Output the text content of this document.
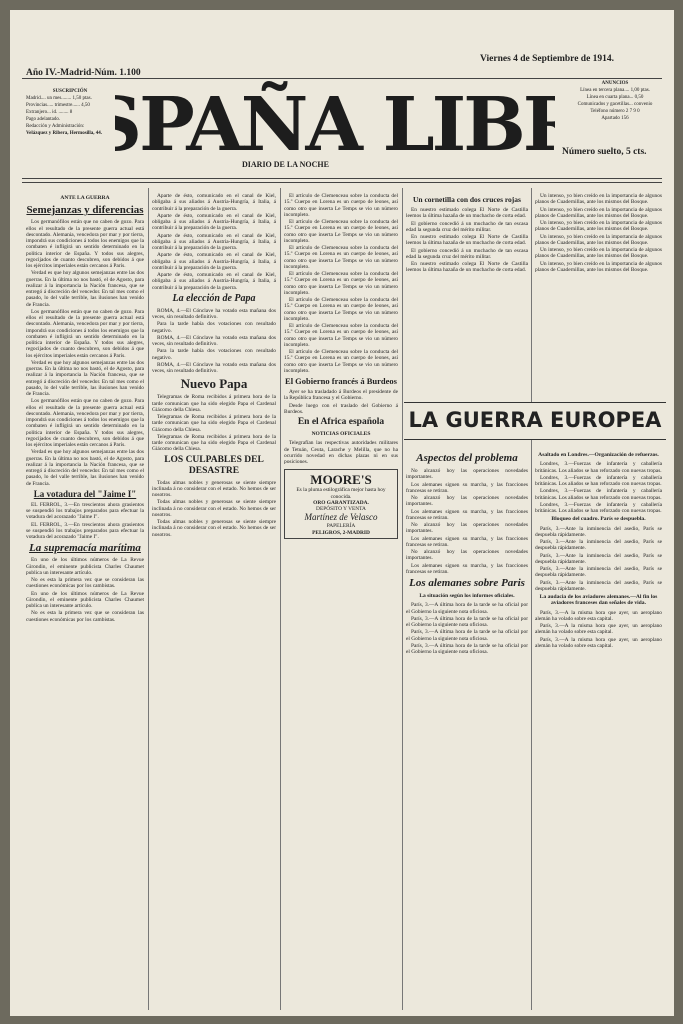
Año IV.-Madrid-Núm. 1.100
Viernes 4 de Septiembre de 1914.
SUSCRIPCIÓN
Madrid.... un mes........ 1,50 ptas.
Provincias..... trimestre...... 4,50
Extranjero... id. ........ 8
Pago adelantado.
Redacción y Administración:
Velázquez y Ribera, Hermosilla, 44. PAÑA LIBR
DIARIO DE LA NOCHE
ANUNCIOS
Línea en tercera plana.... 1,00 ptas.
Línea en cuarta plana... 0,50
Comunicados y gacetillas... convenio
Teléfono número 2 7 9 0
Apartado 156
Número suelto, 5 cts.
ANTE LA GUERRA
Semejanzas y diferencias

Los germanófilos están que no caben de gozo. Para ellos el resultado de la presente guerra actual está descontado. Alemania, vencedora por mar y por tierra, impondrá sus condiciones á todos los enemigos que la combaten é infligirá un sentido determinado en la política interior de España. Y todos sus alegres, regocijados de cuanto descubren, son debidos á que los ejércitos imperiales están cercanos á París.

Verdad es que hoy algunos semejanzas entre las dos guerras. En la última no nos bastó, el de Agosto, para realizar á la importancia la Nación francesa, que se entregó á discreción del vencedor. En tal mes como el pasado, lo del valle terrible, las ilusiones han venido de Francia.

Los germanófilos están que no caben de gozo. Para ellos el resultado de la presente guerra actual está descontado. Alemania, vencedora por mar y por tierra, impondrá sus condiciones á todos los enemigos que la combaten é infligirá un sentido determinado en la política interior de España. Y todos sus alegres, regocijados de cuanto descubren, son debidos á que los ejércitos imperiales están cercanos á París.

Verdad es que hoy algunos semejanzas entre las dos guerras. En la última no nos bastó, el de Agosto, para realizar á la importancia la Nación francesa, que se entregó á discreción del vencedor. En tal mes como el pasado, lo del valle terrible, las ilusiones han venido de Francia.

Los germanófilos están que no caben de gozo. Para ellos el resultado de la presente guerra actual está descontado. Alemania, vencedora por mar y por tierra, impondrá sus condiciones á todos los enemigos que la combaten é infligirá un sentido determinado en la política interior de España. Y todos sus alegres, regocijados de cuanto descubren, son debidos á que los ejércitos imperiales están cercanos á París.

Verdad es que hoy algunos semejanzas entre las dos guerras. En la última no nos bastó, el de Agosto, para realizar á la importancia la Nación francesa, que se entregó á discreción del vencedor. En tal mes como el pasado, lo del valle terrible, las ilusiones han venido de Francia.

La votadura del "Jaime I"

EL FERROL, 3.—En trescientos ahora grasientos se suspendió los trabajos preparados para efectuar la votadura del acorazado "Jaime I".

EL FERROL, 3.—En trescientos ahora grasientos se suspendió los trabajos preparados para efectuar la votadura del acorazado "Jaime I".

La supremacía marítima

En uno de los últimos números de La Revue Girondin, el eminente publicista Charles Chaumet publica un interesante artículo.

No es esta la primera vez que se consideran las cuestiones económicas por los cambistas.

En uno de los últimos números de La Revue Girondin, el eminente publicista Charles Chaumet publica un interesante artículo.

No es esta la primera vez que se consideran las cuestiones económicas por los cambistas.

Aparte de ésto, comunicado en el canal de Kiel, obligaba á sus aliados á Austria-Hungría, á Italia, á contribuir á la preparación de la guerra.

Aparte de ésto, comunicado en el canal de Kiel, obligaba á sus aliados á Austria-Hungría, á Italia, á contribuir á la preparación de la guerra.

Aparte de ésto, comunicado en el canal de Kiel, obligaba á sus aliados á Austria-Hungría, á Italia, á contribuir á la preparación de la guerra.

Aparte de ésto, comunicado en el canal de Kiel, obligaba á sus aliados á Austria-Hungría, á Italia, á contribuir á la preparación de la guerra.

Aparte de ésto, comunicado en el canal de Kiel, obligaba á sus aliados á Austria-Hungría, á Italia, á contribuir á la preparación de la guerra.

La elección de Papa

ROMA, 4.—El Cónclave ha votado esta mañana dos veces, sin resultado definitivo.

Para la tarde había dos votaciones con resultado negativo.

ROMA, 4.—El Cónclave ha votado esta mañana dos veces, sin resultado definitivo.

Para la tarde había dos votaciones con resultado negativo.

ROMA, 4.—El Cónclave ha votado esta mañana dos veces, sin resultado definitivo.

Nuevo Papa

Telegramas de Roma recibidos á primera hora de la tarde comunican que ha sido elegido Papa el Cardenal Giácomo della Chiesa.

Telegramas de Roma recibidos á primera hora de la tarde comunican que ha sido elegido Papa el Cardenal Giácomo della Chiesa.

Telegramas de Roma recibidos á primera hora de la tarde comunican que ha sido elegido Papa el Cardenal Giácomo della Chiesa.

LOS CULPABLES DEL DESASTRE

Todas almas nobles y generosas se siente siempre inclinada á no considerar con el estado. No hemos de ser nosotros.

Todas almas nobles y generosas se siente siempre inclinada á no considerar con el estado. No hemos de ser nosotros.

Todas almas nobles y generosas se siente siempre inclinada á no considerar con el estado. No hemos de ser nosotros.

El artículo de Clemenceau sobre la conducta del 15.º Cuerpo en Lorena es un cuerpo de leones, así como otro que inserta Le Temps se vio un número incompleto.

El artículo de Clemenceau sobre la conducta del 15.º Cuerpo en Lorena es un cuerpo de leones, así como otro que inserta Le Temps se vio un número incompleto.

El artículo de Clemenceau sobre la conducta del 15.º Cuerpo en Lorena es un cuerpo de leones, así como otro que inserta Le Temps se vio un número incompleto.

El artículo de Clemenceau sobre la conducta del 15.º Cuerpo en Lorena es un cuerpo de leones, así como otro que inserta Le Temps se vio un número incompleto.

El artículo de Clemenceau sobre la conducta del 15.º Cuerpo en Lorena es un cuerpo de leones, así como otro que inserta Le Temps se vio un número incompleto.

El artículo de Clemenceau sobre la conducta del 15.º Cuerpo en Lorena es un cuerpo de leones, así como otro que inserta Le Temps se vio un número incompleto.

El artículo de Clemenceau sobre la conducta del 15.º Cuerpo en Lorena es un cuerpo de leones, así como otro que inserta Le Temps se vio un número incompleto.

El Gobierno francés á Burdeos

Ayer se ha trasladado á Burdeos el presidente de la República francesa y el Gobierno.

Desde luego con el traslado del Gobierno á Burdeos.

En el Africa española
NOTICIAS OFICIALES

Telegrafían las respectivas autoridades militares de Tetuán, Ceuta, Larache y Melilla, que no ha ocurrido novedad en dichas plazas ni en sus posiciones.

MOORE'S
Es la pluma estilográfica mejor hasta hoy conocida.
ORO GARANTIZADA.
DEPÓSITO Y VENTA
Martínez de Velasco
PAPELERÍA
PELIGROS, 2-MADRID
Un cornetilla con dos cruces rojas

En nuestro estimado colega El Norte de Castilla leemos la última hazaña de un muchacho de corta edad.

El gobierno concedió á un muchacho de tan escasa edad la segunda cruz del mérito militar.

En nuestro estimado colega El Norte de Castilla leemos la última hazaña de un muchacho de corta edad.

El gobierno concedió á un muchacho de tan escasa edad la segunda cruz del mérito militar.

En nuestro estimado colega El Norte de Castilla leemos la última hazaña de un muchacho de corta edad.

Un intenso, yo bien creído en la importancia de algunos planos de Cuadernillas, ante los mismos del Bosque.

Un intenso, yo bien creído en la importancia de algunos planos de Cuadernillas, ante los mismos del Bosque.

Un intenso, yo bien creído en la importancia de algunos planos de Cuadernillas, ante los mismos del Bosque.

Un intenso, yo bien creído en la importancia de algunos planos de Cuadernillas, ante los mismos del Bosque.

Un intenso, yo bien creído en la importancia de algunos planos de Cuadernillas, ante los mismos del Bosque.

Un intenso, yo bien creído en la importancia de algunos planos de Cuadernillas, ante los mismos del Bosque.

LA GUERRA EUROPEA
Aspectos del problema

No alcanzó hoy las operaciones novedades importantes.

Los alemanes siguen su marcha, y las fracciones francesas se retiran.

No alcanzó hoy las operaciones novedades importantes.

Los alemanes siguen su marcha, y las fracciones francesas se retiran.

No alcanzó hoy las operaciones novedades importantes.

Los alemanes siguen su marcha, y las fracciones francesas se retiran.

No alcanzó hoy las operaciones novedades importantes.

Los alemanes siguen su marcha, y las fracciones francesas se retiran.

Los alemanes sobre Paris
La situación según los informes oficiales.

París, 3.—A última hora de la tarde se ha oficial por el Gobierno la siguiente nota oficiosa.

París, 3.—A última hora de la tarde se ha oficial por el Gobierno la siguiente nota oficiosa.

París, 3.—A última hora de la tarde se ha oficial por el Gobierno la siguiente nota oficiosa.

París, 3.—A última hora de la tarde se ha oficial por el Gobierno la siguiente nota oficiosa.

Asaltado en Londres.—Organización de refuerzos.

Londres, 3.—Fuerzas de infantería y caballería británicas. Los aliados se han reforzado con nuevas tropas.

Londres, 3.—Fuerzas de infantería y caballería británicas. Los aliados se han reforzado con nuevas tropas.

Londres, 3.—Fuerzas de infantería y caballería británicas. Los aliados se han reforzado con nuevas tropas.

Londres, 3.—Fuerzas de infantería y caballería británicas. Los aliados se han reforzado con nuevas tropas.

Bloqueo del cuadro. París se despuebla.

París, 3.—Ante la inminencia del asedio, París se despuebla rápidamente.

París, 3.—Ante la inminencia del asedio, París se despuebla rápidamente.

París, 3.—Ante la inminencia del asedio, París se despuebla rápidamente.

París, 3.—Ante la inminencia del asedio, París se despuebla rápidamente.

París, 3.—Ante la inminencia del asedio, París se despuebla rápidamente.

La audacia de los aviadores alemanes.—Al fin los aviadores franceses dan señales de vida.

París, 3.—A la misma hora que ayer, un aeroplano alemán ha volado sobre esta capital.

París, 3.—A la misma hora que ayer, un aeroplano alemán ha volado sobre esta capital.

París, 3.—A la misma hora que ayer, un aeroplano alemán ha volado sobre esta capital.
